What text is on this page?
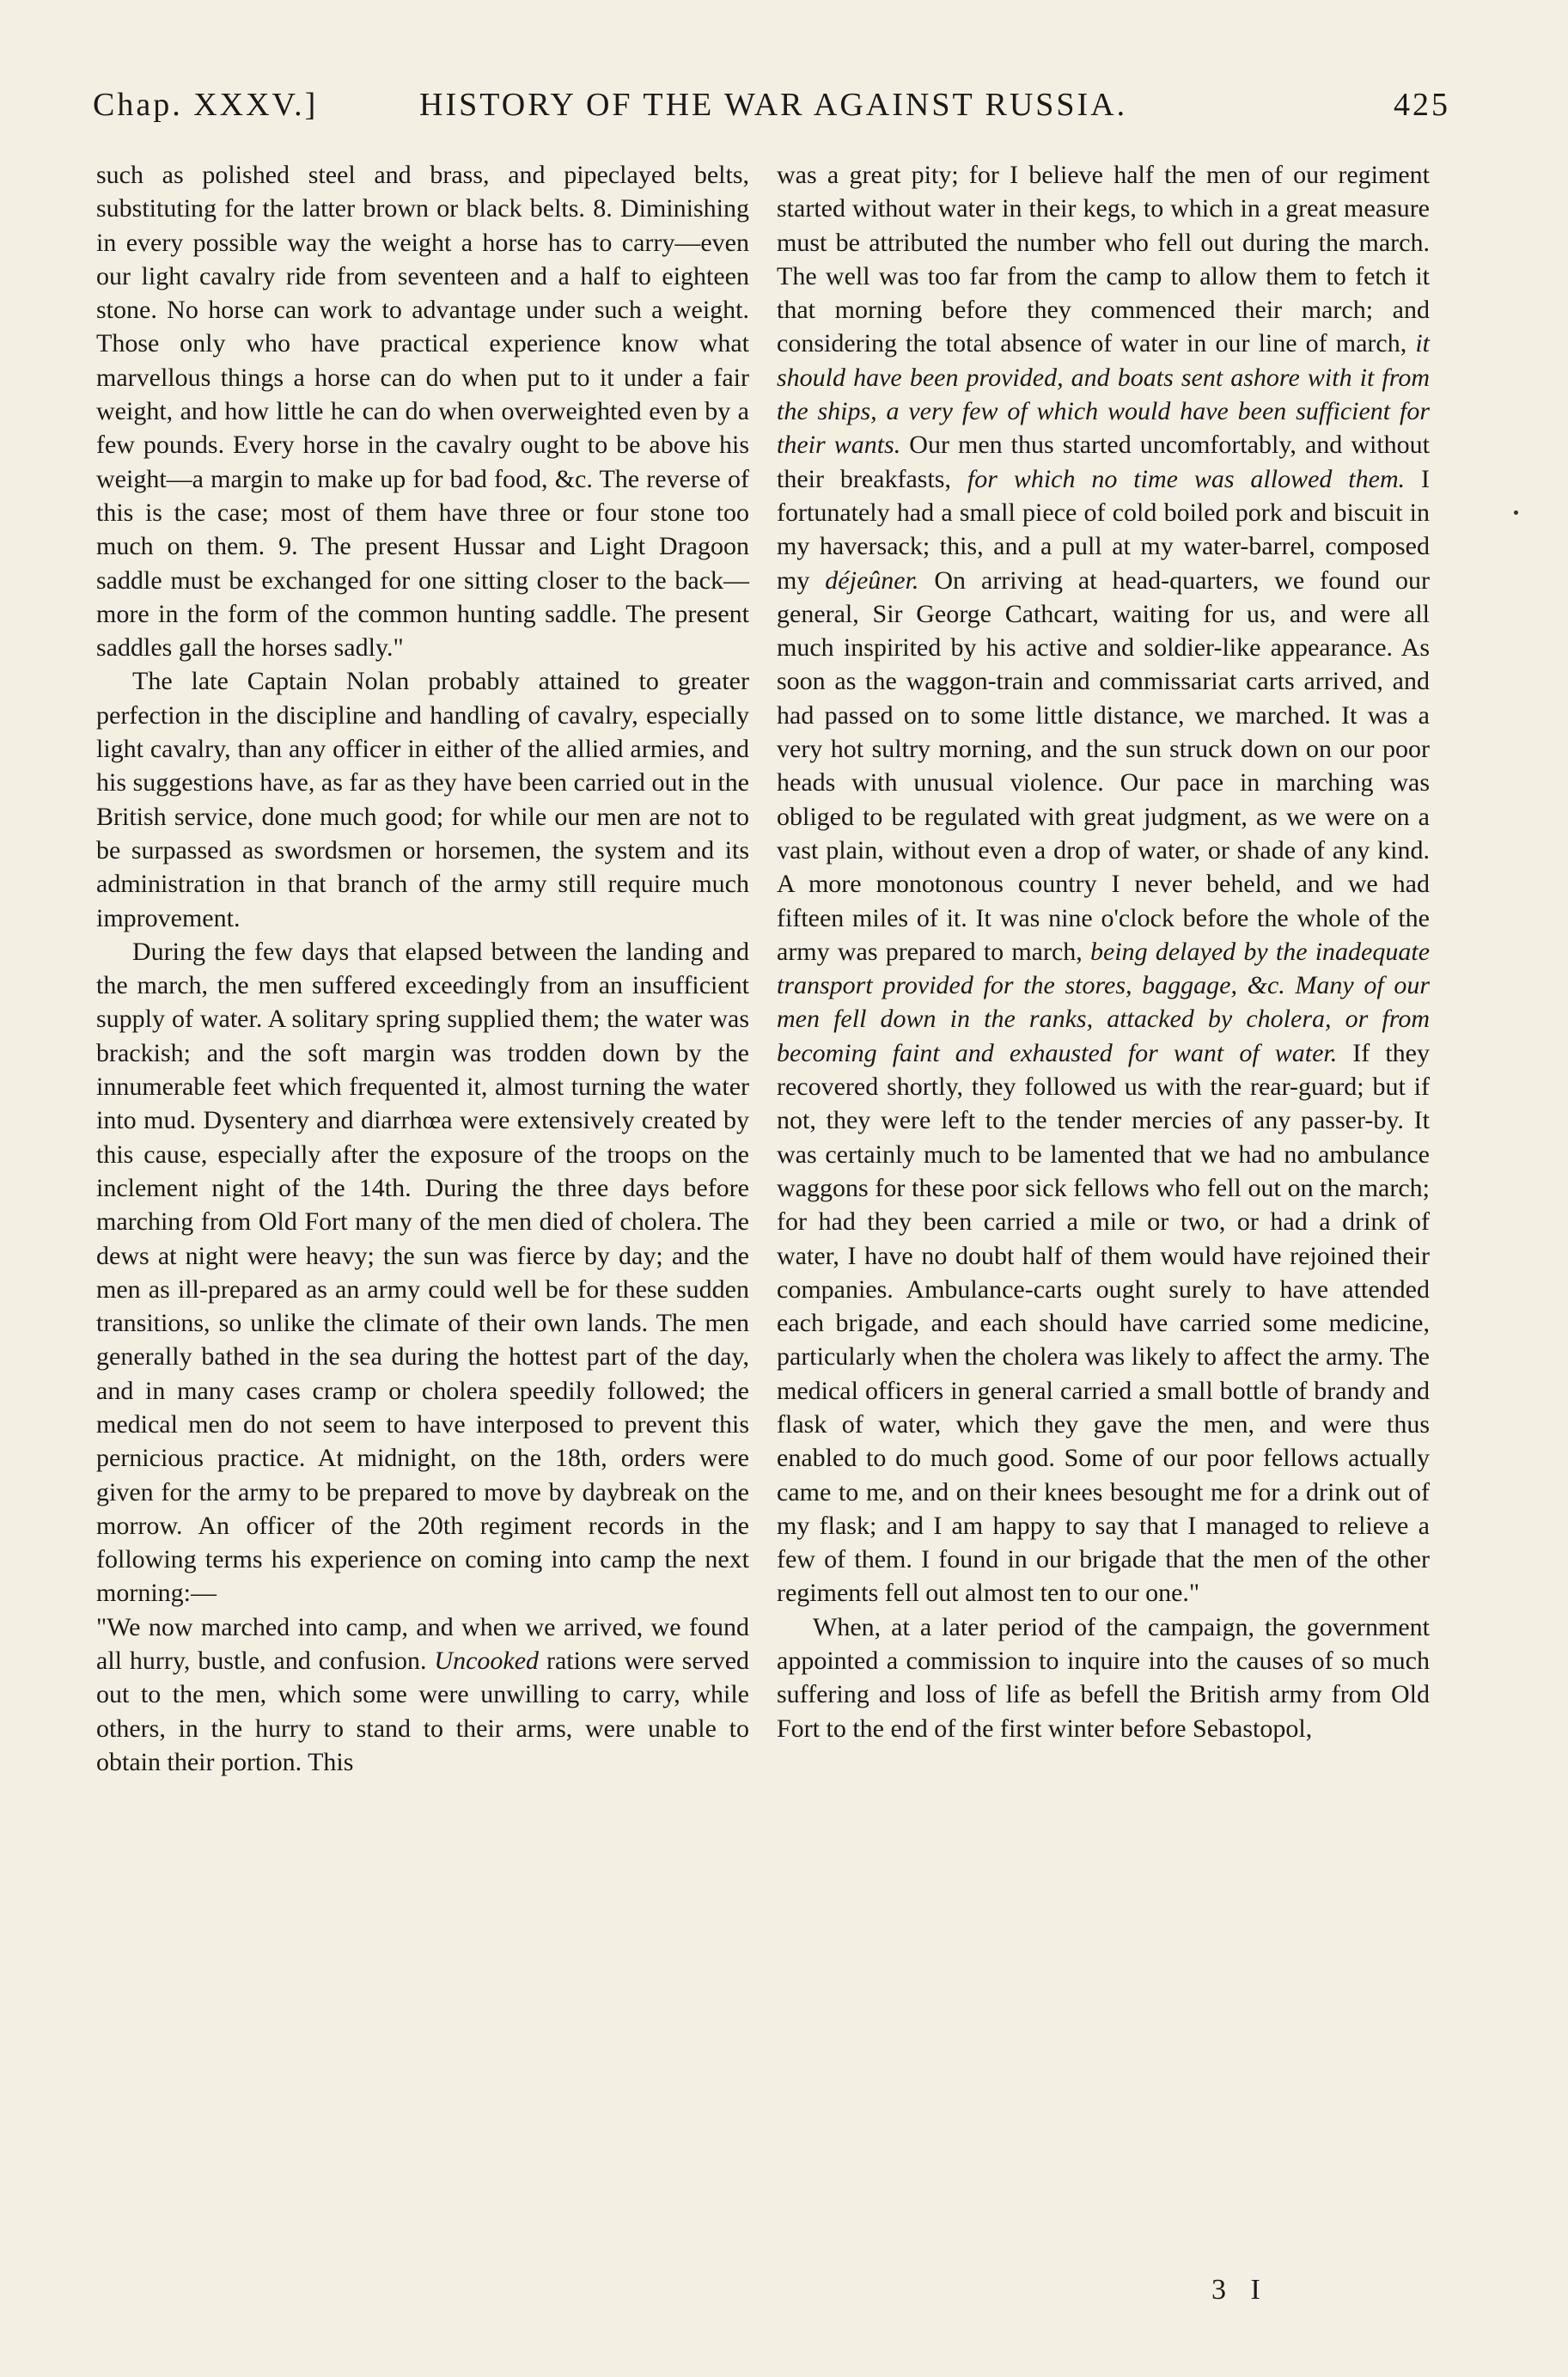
Chap. XXXV.]	HISTORY OF THE WAR AGAINST RUSSIA.	425

such as polished steel and brass, and pipeclayed belts, substituting for the latter brown or black belts. 8. Diminishing in every possible way the weight a horse has to carry—even our light cavalry ride from seventeen and a half to eighteen stone. No horse can work to advantage under such a weight. Those only who have practical experience know what marvellous things a horse can do when put to it under a fair weight, and how little he can do when overweighted even by a few pounds. Every horse in the cavalry ought to be above his weight—a margin to make up for bad food, &c. The reverse of this is the case; most of them have three or four stone too much on them. 9. The present Hussar and Light Dragoon saddle must be exchanged for one sitting closer to the back—more in the form of the common hunting saddle. The present saddles gall the horses sadly."

The late Captain Nolan probably attained to greater perfection in the discipline and handling of cavalry, especially light cavalry, than any officer in either of the allied armies, and his suggestions have, as far as they have been carried out in the British service, done much good; for while our men are not to be surpassed as swordsmen or horsemen, the system and its administration in that branch of the army still require much improvement.

During the few days that elapsed between the landing and the march, the men suffered exceedingly from an insufficient supply of water. A solitary spring supplied them; the water was brackish; and the soft margin was trodden down by the innumerable feet which frequented it, almost turning the water into mud. Dysentery and diarrhœa were extensively created by this cause, especially after the exposure of the troops on the inclement night of the 14th. During the three days before marching from Old Fort many of the men died of cholera. The dews at night were heavy; the sun was fierce by day; and the men as ill-prepared as an army could well be for these sudden transitions, so unlike the climate of their own lands. The men generally bathed in the sea during the hottest part of the day, and in many cases cramp or cholera speedily followed; the medical men do not seem to have interposed to prevent this pernicious practice. At midnight, on the 18th, orders were given for the army to be prepared to move by daybreak on the morrow. An officer of the 20th regiment records in the following terms his experience on coming into camp the next morning:—

"We now marched into camp, and when we arrived, we found all hurry, bustle, and confusion. Uncooked rations were served out to the men, which some were unwilling to carry, while others, in the hurry to stand to their arms, were unable to obtain their portion. This

was a great pity; for I believe half the men of our regiment started without water in their kegs, to which in a great measure must be attributed the number who fell out during the march. The well was too far from the camp to allow them to fetch it that morning before they commenced their march; and considering the total absence of water in our line of march, it should have been provided, and boats sent ashore with it from the ships, a very few of which would have been sufficient for their wants. Our men thus started uncomfortably, and without their breakfasts, for which no time was allowed them. I fortunately had a small piece of cold boiled pork and biscuit in my haversack; this, and a pull at my water-barrel, composed my déjeûner. On arriving at head-quarters, we found our general, Sir George Cathcart, waiting for us, and were all much inspirited by his active and soldier-like appearance. As soon as the waggon-train and commissariat carts arrived, and had passed on to some little distance, we marched. It was a very hot sultry morning, and the sun struck down on our poor heads with unusual violence. Our pace in marching was obliged to be regulated with great judgment, as we were on a vast plain, without even a drop of water, or shade of any kind. A more monotonous country I never beheld, and we had fifteen miles of it. It was nine o'clock before the whole of the army was prepared to march, being delayed by the inadequate transport provided for the stores, baggage, &c. Many of our men fell down in the ranks, attacked by cholera, or from becoming faint and exhausted for want of water. If they recovered shortly, they followed us with the rear-guard; but if not, they were left to the tender mercies of any passer-by. It was certainly much to be lamented that we had no ambulance waggons for these poor sick fellows who fell out on the march; for had they been carried a mile or two, or had a drink of water, I have no doubt half of them would have rejoined their companies. Ambulance-carts ought surely to have attended each brigade, and each should have carried some medicine, particularly when the cholera was likely to affect the army. The medical officers in general carried a small bottle of brandy and flask of water, which they gave the men, and were thus enabled to do much good. Some of our poor fellows actually came to me, and on their knees besought me for a drink out of my flask; and I am happy to say that I managed to relieve a few of them. I found in our brigade that the men of the other regiments fell out almost ten to our one."

When, at a later period of the campaign, the government appointed a commission to inquire into the causes of so much suffering and loss of life as befell the British army from Old Fort to the end of the first winter before Sebastopol,

3 I
